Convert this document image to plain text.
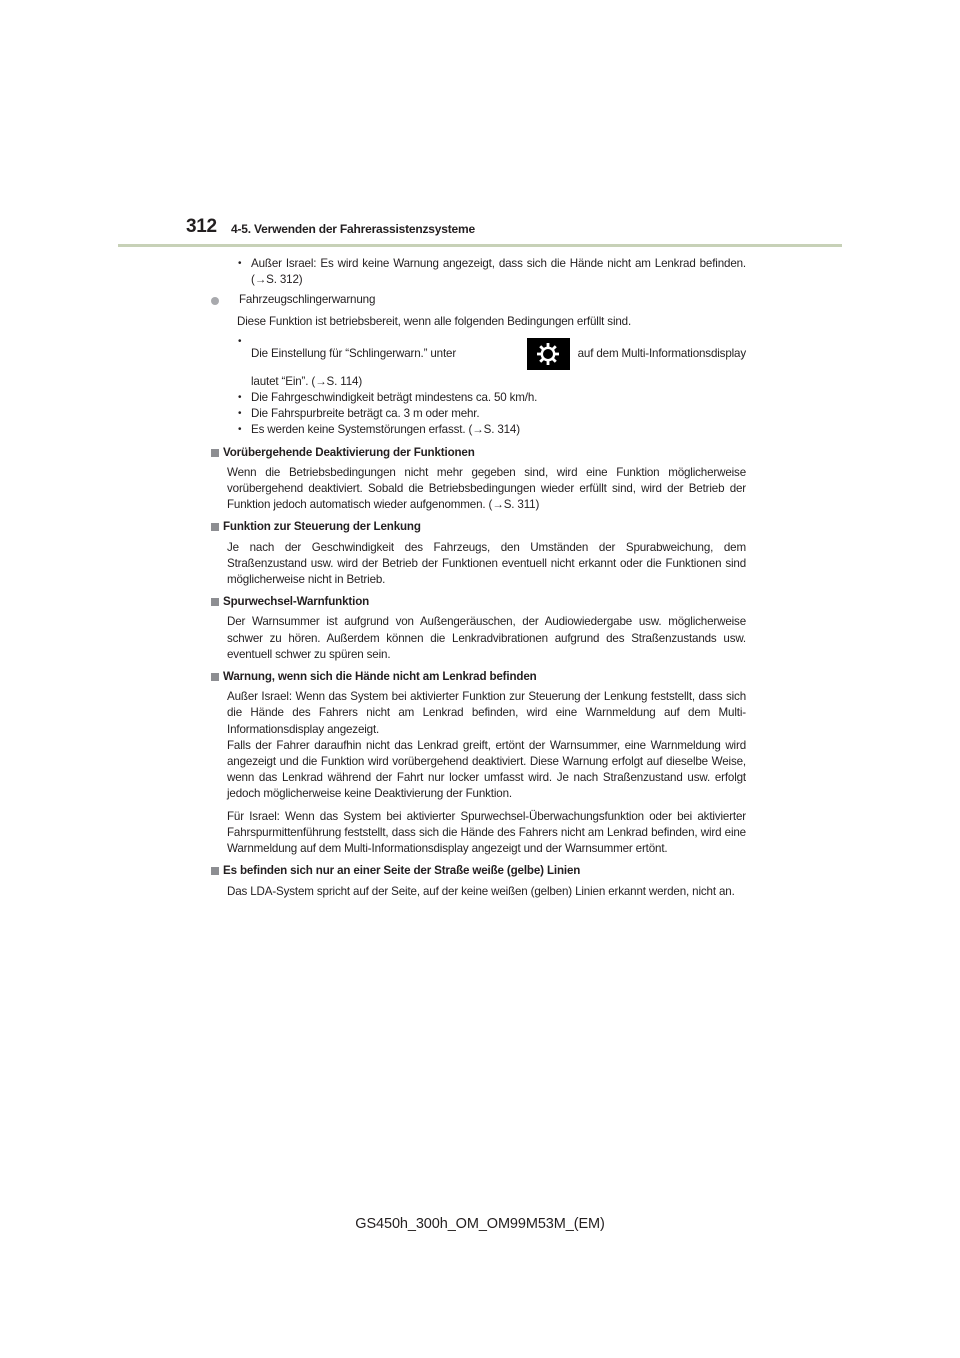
312 4-5. Verwenden der Fahrerassistenzsysteme
• Außer Israel: Es wird keine Warnung angezeigt, dass sich die Hände nicht am Lenkrad befinden. (→S. 312)
Fahrzeugschlingerwarnung
Diese Funktion ist betriebsbereit, wenn alle folgenden Bedingungen erfüllt sind.
• Die Einstellung für “Schlingerwarn.” unter	auf dem Multi-Informationsdisplay
lautet “Ein”. (→S. 114)
• Die Fahrgeschwindigkeit beträgt mindestens ca. 50 km/h.
• Die Fahrspurbreite beträgt ca. 3 m oder mehr.
• Es werden keine Systemstörungen erfasst. (→S. 314)
Vorübergehende Deaktivierung der Funktionen
Wenn die Betriebsbedingungen nicht mehr gegeben sind, wird eine Funktion möglicherweise vorübergehend deaktiviert. Sobald die Betriebsbedingungen wieder erfüllt sind, wird der Betrieb der Funktion jedoch automatisch wieder aufgenommen. (→S. 311)
Funktion zur Steuerung der Lenkung
Je nach der Geschwindigkeit des Fahrzeugs, den Umständen der Spurabweichung, dem Straßenzustand usw. wird der Betrieb der Funktionen eventuell nicht erkannt oder die Funktionen sind möglicherweise nicht in Betrieb.
Spurwechsel-Warnfunktion
Der Warnsummer ist aufgrund von Außengeräuschen, der Audiowiedergabe usw. möglicherweise schwer zu hören. Außerdem können die Lenkradvibrationen aufgrund des Straßenzustands usw. eventuell schwer zu spüren sein.
Warnung, wenn sich die Hände nicht am Lenkrad befinden
Außer Israel: Wenn das System bei aktivierter Funktion zur Steuerung der Lenkung feststellt, dass sich die Hände des Fahrers nicht am Lenkrad befinden, wird eine Warnmeldung auf dem Multi-Informationsdisplay angezeigt.
Falls der Fahrer daraufhin nicht das Lenkrad greift, ertönt der Warnsummer, eine Warnmeldung wird angezeigt und die Funktion wird vorübergehend deaktiviert. Diese Warnung erfolgt auf dieselbe Weise, wenn das Lenkrad während der Fahrt nur locker umfasst wird. Je nach Straßenzustand usw. erfolgt jedoch möglicherweise keine Deaktivierung der Funktion.
Für Israel: Wenn das System bei aktivierter Spurwechsel-Überwachungsfunktion oder bei aktivierter Fahrspurmittenführung feststellt, dass sich die Hände des Fahrers nicht am Lenkrad befinden, wird eine Warnmeldung auf dem Multi-Informationsdisplay angezeigt und der Warnsummer ertönt.
Es befinden sich nur an einer Seite der Straße weiße (gelbe) Linien
Das LDA-System spricht auf der Seite, auf der keine weißen (gelben) Linien erkannt werden, nicht an.
GS450h_300h_OM_OM99M53M_(EM)
